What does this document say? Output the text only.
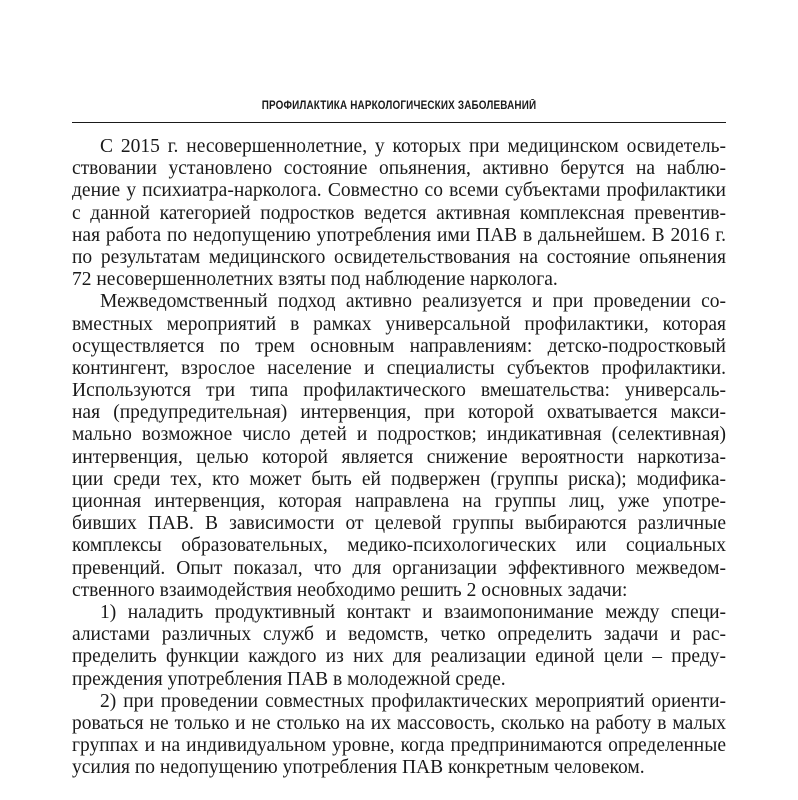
ПРОФИЛАКТИКА НАРКОЛОГИЧЕСКИХ ЗАБОЛЕВАНИЙ
С 2015 г. несовершеннолетние, у которых при медицинском освидетель-
ствовании установлено состояние опьянения, активно берутся на наблю-
дение у психиатра-нарколога. Совместно со всеми субъектами профилактики
с данной категорией подростков ведется активная комплексная превентив-
ная работа по недопущению употребления ими ПАВ в дальнейшем. В 2016 г.
по результатам медицинского освидетельствования на состояние опьянения
72 несовершеннолетних взяты под наблюдение нарколога.
Межведомственный подход активно реализуется и при проведении со-
вместных мероприятий в рамках универсальной профилактики, которая
осуществляется по трем основным направлениям: детско-подростковый
контингент, взрослое население и специалисты субъектов профилактики.
Используются три типа профилактического вмешательства: универсаль-
ная (предупредительная) интервенция, при которой охватывается макси-
мально возможное число детей и подростков; индикативная (селективная)
интервенция, целью которой является снижение вероятности наркотиза-
ции среди тех, кто может быть ей подвержен (группы риска); модифика-
ционная интервенция, которая направлена на группы лиц, уже употре-
бивших ПАВ. В зависимости от целевой группы выбираются различные
комплексы образовательных, медико-психологических или социальных
превенций. Опыт показал, что для организации эффективного межведом-
ственного взаимодействия необходимо решить 2 основных задачи:
1) наладить продуктивный контакт и взаимопонимание между специ-
алистами различных служб и ведомств, четко определить задачи и рас-
пределить функции каждого из них для реализации единой цели – преду-
преждения употребления ПАВ в молодежной среде.
2) при проведении совместных профилактических мероприятий ориенти-
роваться не только и не столько на их массовость, сколько на работу в малых
группах и на индивидуальном уровне, когда предпринимаются определенные
усилия по недопущению употребления ПАВ конкретным человеком.
